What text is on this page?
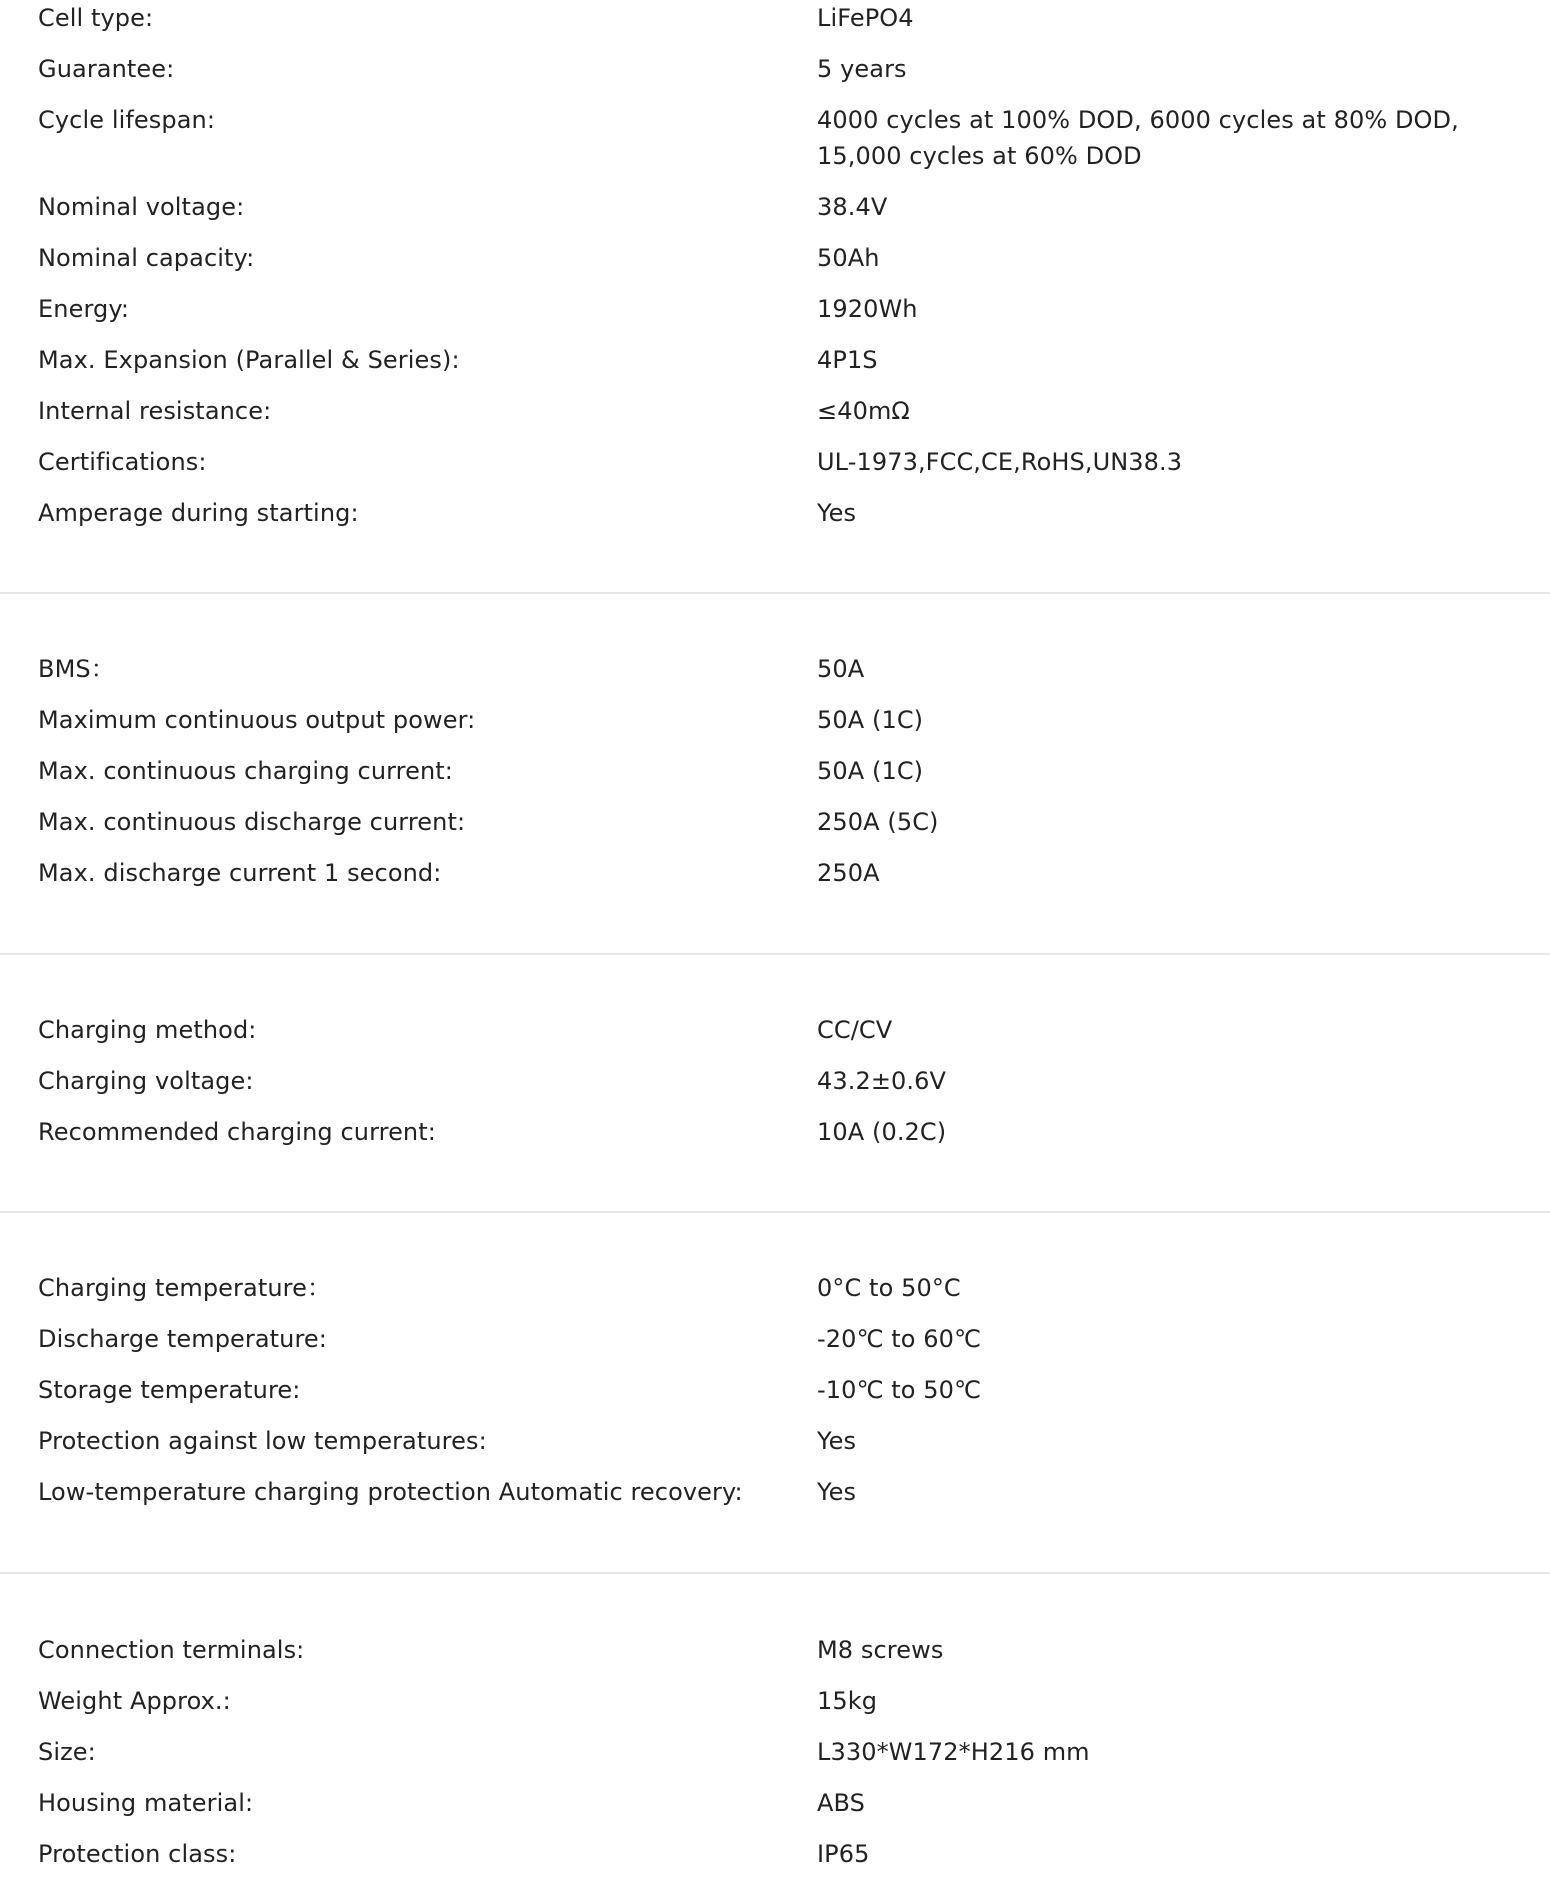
Cell type:	LiFePO4
Guarantee:	5 years
Cycle lifespan:	4000 cycles at 100% DOD, 6000 cycles at 80% DOD, 15,000 cycles at 60% DOD
Nominal voltage:	38.4V
Nominal capacity:	50Ah
Energy:	1920Wh
Max. Expansion (Parallel & Series):	4P1S
Internal resistance:	≤40mΩ
Certifications:	UL-1973,FCC,CE,RoHS,UN38.3
Amperage during starting:	Yes
BMS：	50A
Maximum continuous output power:	50A (1C)
Max. continuous charging current:	50A (1C)
Max. continuous discharge current:	250A (5C)
Max. discharge current 1 second:	250A
Charging method:	CC/CV
Charging voltage:	43.2±0.6V
Recommended charging current:	10A (0.2C)
Charging temperature：	0°C to 50°C
Discharge temperature:	-20℃ to 60℃
Storage temperature:	-10℃ to 50℃
Protection against low temperatures:	Yes
Low-temperature charging protection Automatic recovery:	Yes
Connection terminals:	M8 screws
Weight Approx.:	15kg
Size:	L330*W172*H216 mm
Housing material:	ABS
Protection class:	IP65
